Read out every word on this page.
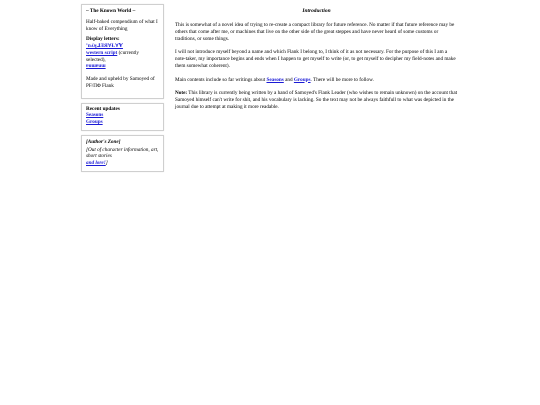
~ The Known World ~

Half-baked compendium of what I know of Everything

Display letters:

ʼnʎʞ⅃ƎЯ∀Ɫ∀Ɐ
western script (currently selected),
ɐuɯɐuɯ

Made and upheld by Samoyed of PF/ΠΦ Flank

Recent updates
Seasons
Groups
[Author's Zone]
[Out of character information, art, short stories
and lore!]
Introduction

This is somewhat of a novel idea of trying to re-create a compact library for future reference. No matter if that future reference may be others that come after me, or machines that live on the other side of the great steppes and have never heard of some customs or traditions, or some things.

I will not introduce myself beyond a name and which Flank I belong to, I think of it as not necessary. For the purpose of this I am a note-taker, my importance begins and ends when I happen to get myself to write (or, to get myself to decipher my field-notes and make them somewhat coherent).

Main contents include so far writings about Seasons and Groups. There will be more to follow.

Note: This library is currently being written by a hand of Samoyed's Flank Leader (who wishes to remain unknown) on the account that Samoyed himself can't write for shit, and his vocabulary is lacking. So the text may not be always faithfull to what was depicted in the journal due to attempt at making it more readable.
